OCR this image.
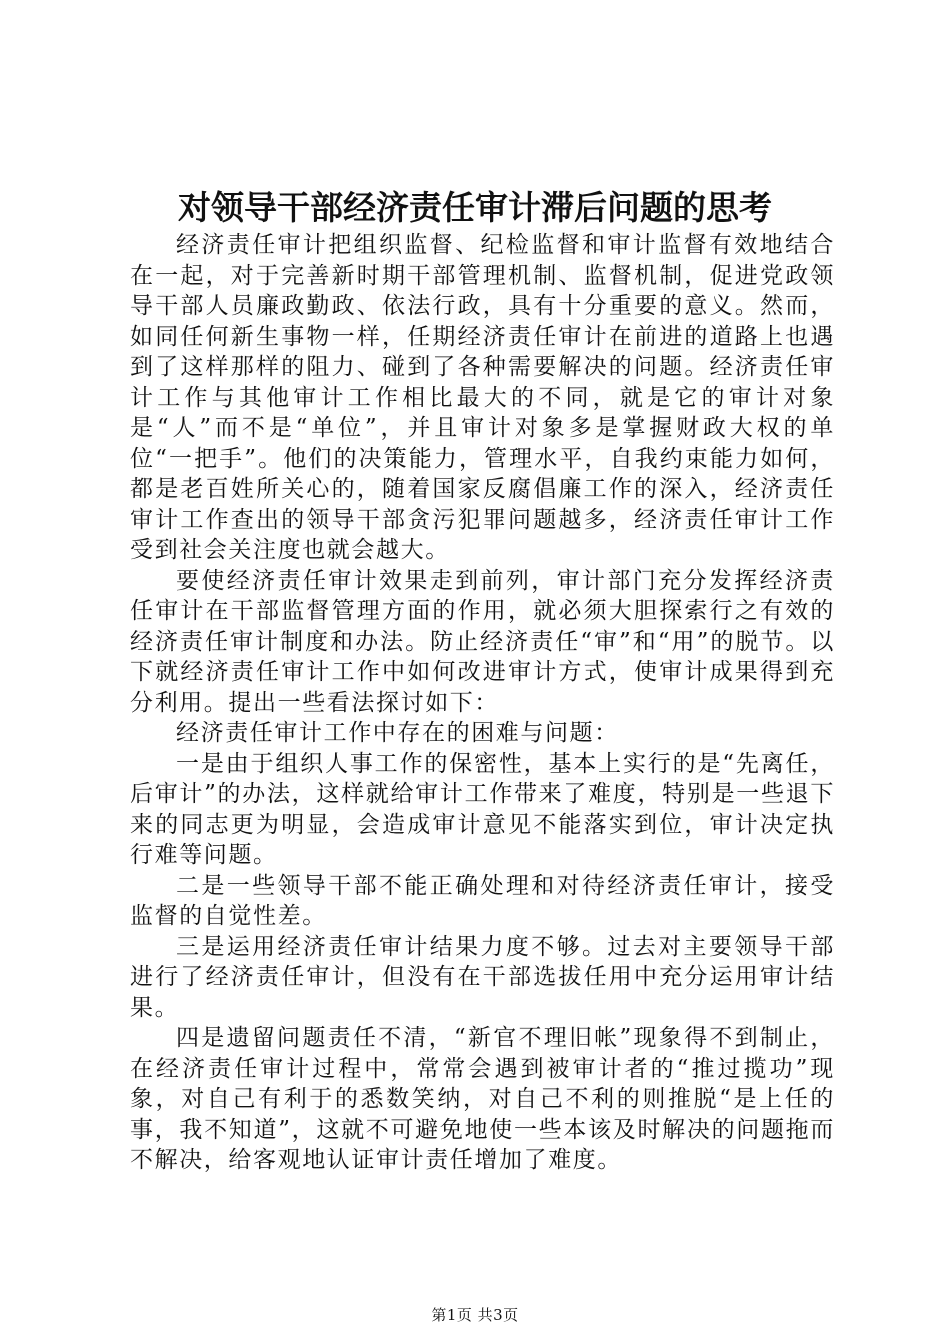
对领导干部经济责任审计滞后问题的思考

经济责任审计把组织监督、纪检监督和审计监督有效地结合在一起，对于完善新时期干部管理机制、监督机制，促进党政领导干部人员廉政勤政、依法行政，具有十分重要的意义。然而，如同任何新生事物一样，任期经济责任审计在前进的道路上也遇到了这样那样的阻力、碰到了各种需要解决的问题。经济责任审计工作与其他审计工作相比最大的不同，就是它的审计对象是“人”而不是“单位”，并且审计对象多是掌握财政大权的单位“一把手”。他们的决策能力，管理水平，自我约束能力如何，都是老百姓所关心的，随着国家反腐倡廉工作的深入，经济责任审计工作查出的领导干部贪污犯罪问题越多，经济责任审计工作受到社会关注度也就会越大。

要使经济责任审计效果走到前列，审计部门充分发挥经济责任审计在干部监督管理方面的作用，就必须大胆探索行之有效的经济责任审计制度和办法。防止经济责任“审”和“用”的脱节。以下就经济责任审计工作中如何改进审计方式，使审计成果得到充分利用。提出一些看法探讨如下：

经济责任审计工作中存在的困难与问题：

一是由于组织人事工作的保密性，基本上实行的是“先离任，后审计”的办法，这样就给审计工作带来了难度，特别是一些退下来的同志更为明显，会造成审计意见不能落实到位，审计决定执行难等问题。

二是一些领导干部不能正确处理和对待经济责任审计，接受监督的自觉性差。

三是运用经济责任审计结果力度不够。过去对主要领导干部进行了经济责任审计，但没有在干部选拔任用中充分运用审计结果。

四是遗留问题责任不清，“新官不理旧帐”现象得不到制止，在经济责任审计过程中，常常会遇到被审计者的“推过揽功”现象，对自己有利于的悉数笑纳，对自己不利的则推脱“是上任的事，我不知道”，这就不可避免地使一些本该及时解决的问题拖而不解决，给客观地认证审计责任增加了难度。

第1页 共3页
